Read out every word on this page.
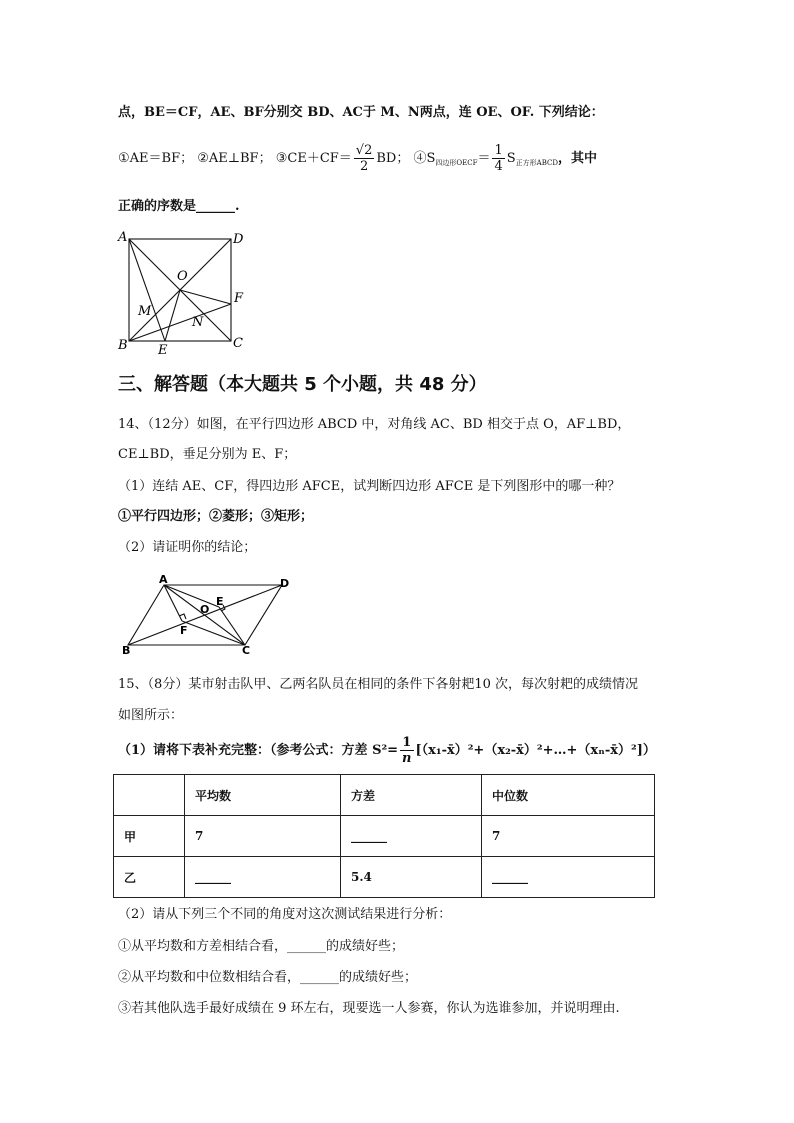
点，BE＝CF，AE、BF分别交 BD、AC于 M、N两点，连 OE、OF. 下列结论：
①AE＝BF； ②AE⊥BF； ③CE＋CF＝ $\frac{√2}{2}$ BD； $④S_{四边形OECF}= \frac{1}{4} S_{正方形ABCD}$，其中
正确的序数是______.
A	D
O
F
M
N
B E	C
三、解答题（本大题共 5 个小题，共 48 分）
14、（12分）如图，在平行四边形 ABCD 中，对角线 AC、BD 相交于点 O，AF⊥BD，
CE⊥BD，垂足分别为 E、F；
（1）连结 AE、CF，得四边形 AFCE，试判断四边形 AFCE 是下列图形中的哪一种？
①平行四边形；②菱形；③矩形；
（2）请证明你的结论；
A	D
E
O
F
B	C
15、（8分）某市射击队甲、乙两名队员在相同的条件下各射耙10 次，每次射耙的成绩情况
如图所示：
（1）请将下表补充完整：（参考公式：方差 $S^2= \frac{1}{n}$ [（x₁-x̄）²+（x₂-x̄）²+…+（xₙ-x̄）²]）
	平均数	方差	中位数
甲	7	______	7
乙	______	5.4	______
（2）请从下列三个不同的角度对这次测试结果进行分析：
①从平均数和方差相结合看，______的成绩好些；
②从平均数和中位数相结合看，______的成绩好些；
③若其他队选手最好成绩在 9 环左右，现要选一人参赛，你认为选谁参加，并说明理由.
